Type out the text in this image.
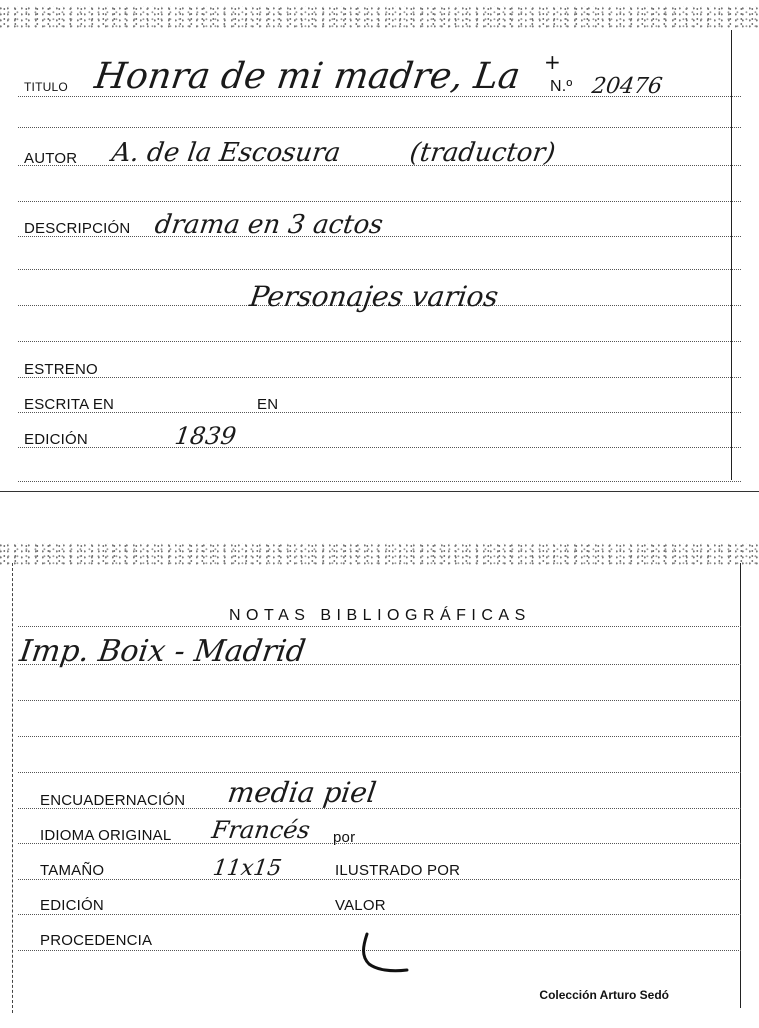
TITULO Honra de mi madre, La +
N.º 20476
AUTOR A. de la Escosura	(traductor)
DESCRIPCIÓN drama en 3 actos
Personajes varios
ESTRENO
ESCRITA EN	EN
EDICIÓN	1839
NOTAS BIBLIOGRÁFICAS
Imp. Boix - Madrid
ENCUADERNACIÓN media piel
IDIOMA ORIGINAL Francés por
TAMAÑO	11x15	ILUSTRADO POR
EDICIÓN	VALOR
PROCEDENCIA
Colección Arturo Sedó
